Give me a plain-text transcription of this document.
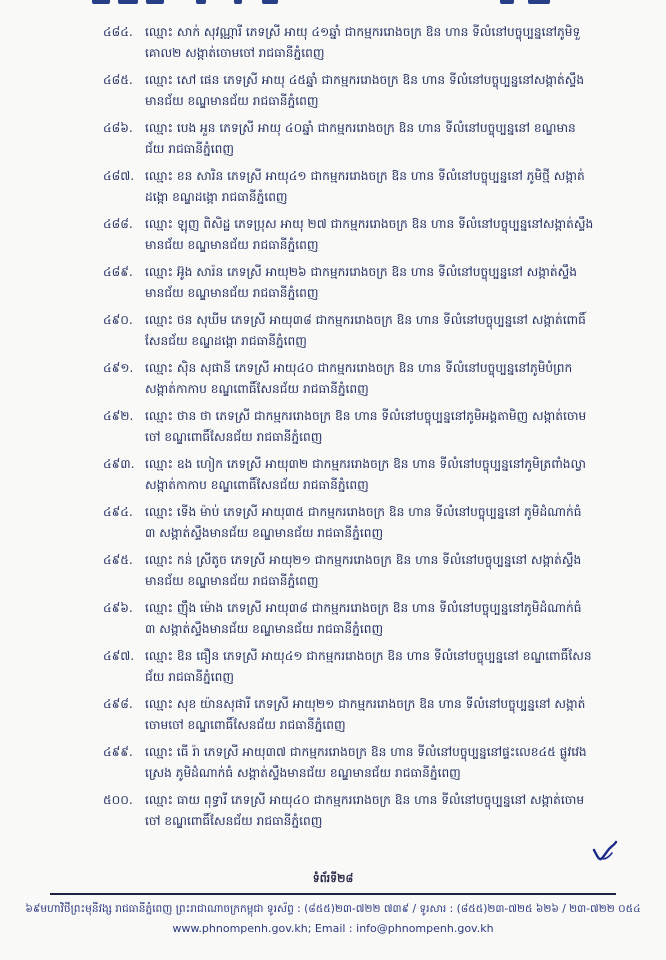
៤៨៤.	ឈ្មោះ សាក់ សុវណ្ណារី ភេទស្រី អាយុ ៤១ឆ្នាំ ជាកម្មកររោងចក្រ ឱន ហាន ទីលំនៅបច្ចុប្បន្ននៅភូមិទួ
គោល២ សង្កាត់ចោមចៅ រាជធានីភ្នំពេញ
៤៨៥.	ឈ្មោះ សៅ ផេន ភេទស្រី អាយុ ៤៥ឆ្នាំ ជាកម្មកររោងចក្រ ឱន ហាន ទីលំនៅបច្ចុប្បន្ននៅសង្កាត់ស្ទឹង
មានជ័យ ខណ្ឌមានជ័យ រាជធានីភ្នំពេញ
៤៨៦.	ឈ្មោះ បេង អួន ភេទស្រី អាយុ ៤០ឆ្នាំ ជាកម្មកររោងចក្រ ឱន ហាន ទីលំនៅបច្ចុប្បន្ននៅ ខណ្ឌមាន
ជ័យ រាជធានីភ្នំពេញ
៤៨៧. ឈ្មោះ ខន សារិន ភេទស្រី អាយុ៤១ ជាកម្មកររោងចក្រ ឱន ហាន ទីលំនៅបច្ចុប្បន្ននៅ ភូមិថ្មី សង្កាត់
ដង្កោ ខណ្ឌដង្កោ រាជធានីភ្នំពេញ
៤៨៨.	ឈ្មោះ ឡុញ ពិសិដ្ឋ ភេទប្រុស អាយុ ២៧ ជាកម្មកររោងចក្រ ឱន ហាន ទីលំនៅបច្ចុប្បន្ននៅសង្កាត់ស្ទឹង
មានជ័យ ខណ្ឌមានជ័យ រាជធានីភ្នំពេញ
៤៨៩.	ឈ្មោះ អ៊ូង សារ៉ន ភេទស្រី អាយុ២៦ ជាកម្មកររោងចក្រ ឱន ហាន ទីលំនៅបច្ចុប្បន្ននៅ សង្កាត់ស្ទឹង
មានជ័យ ខណ្ឌមានជ័យ រាជធានីភ្នំពេញ
៤៩០.	ឈ្មោះ ថន សុឃីម ភេទស្រី អាយុ៣៨ ជាកម្មកររោងចក្រ ឱន ហាន ទីលំនៅបច្ចុប្បន្ននៅ សង្កាត់ពោធិ៍
សែនជ័យ ខណ្ឌដង្កោ រាជធានីភ្នំពេញ
៤៩១. ឈ្មោះ ស៊ិន សុផានី ភេទស្រី អាយុ៤០ ជាកម្មកររោងចក្រ ឱន ហាន ទីលំនៅបច្ចុប្បន្ននៅភូមិបំព្រក
សង្កាត់កាកាប ខណ្ឌពោធិ៍សែនជ័យ រាជធានីភ្នំពេញ
៤៩២. ឈ្មោះ ថាន ថា ភេទស្រី ជាកម្មកររោងចក្រ ឱន ហាន ទីលំនៅបច្ចុប្បន្ននៅភូមិអង្គតាមិញ សង្កាត់ចោម
ចៅ ខណ្ឌពោធិ៍សែនជ័យ រាជធានីភ្នំពេញ
៤៩៣. ឈ្មោះ ឧង ហៀក ភេទស្រី អាយុ៣២ ជាកម្មកររោងចក្រ ឱន ហាន ទីលំនៅបច្ចុប្បន្ននៅភូមិត្រពាំងល្វា
សង្កាត់កាកាប ខណ្ឌពោធិ៍សែនជ័យ រាជធានីភ្នំពេញ
៤៩៤.	ឈ្មោះ ទើង ម៉ាប់ ភេទស្រី អាយុ៣៥ ជាកម្មកររោងចក្រ ឱន ហាន ទីលំនៅបច្ចុប្បន្ននៅ ភូមិដំណាក់ធំ
៣ សង្កាត់ស្ទឹងមានជ័យ ខណ្ឌមានជ័យ រាជធានីភ្នំពេញ
៤៩៥.	ឈ្មោះ កន់ ស្រីតូច ភេទស្រី អាយុ២១ ជាកម្មកររោងចក្រ ឱន ហាន ទីលំនៅបច្ចុប្បន្ននៅ សង្កាត់ស្ទឹង
មានជ័យ ខណ្ឌមានជ័យ រាជធានីភ្នំពេញ
៤៩៦.	ឈ្មោះ ញ៉ឹង ម៉ោង ភេទស្រី អាយុ៣៨ ជាកម្មកររោងចក្រ ឱន ហាន ទីលំនៅបច្ចុប្បន្ននៅភូមិដំណាក់ធំ
៣ សង្កាត់ស្ទឹងមានជ័យ ខណ្ឌមានជ័យ រាជធានីភ្នំពេញ
៤៩៧. ឈ្មោះ ឱន ធឿន ភេទស្រី អាយុ៤១ ជាកម្មកររោងចក្រ ឱន ហាន ទីលំនៅបច្ចុប្បន្ននៅ ខណ្ឌពោធិ៍សែន
ជ័យ រាជធានីភ្នំពេញ
៤៩៨.	ឈ្មោះ សុខ យ៉ានសុផារី ភេទស្រី អាយុ២១ ជាកម្មកររោងចក្រ ឱន ហាន ទីលំនៅបច្ចុប្បន្ននៅ សង្កាត់
ចោមចៅ ខណ្ឌពោធិ៍សែនជ័យ រាជធានីភ្នំពេញ
៤៩៩.	ឈ្មោះ ធើ រ៉ា ភេទស្រី អាយុ៣៧ ជាកម្មកររោងចក្រ ឱន ហាន ទីលំនៅបច្ចុប្បន្ននៅផ្ទះលេខ៤៥ ផ្លូវវេង
ស្រេង ភូមិដំណាក់ធំ សង្កាត់ស្ទឹងមានជ័យ ខណ្ឌមានជ័យ រាជធានីភ្នំពេញ
៥០០.	ឈ្មោះ ធាយ ពុទ្ធារី ភេទស្រី អាយុ៤០ ជាកម្មកររោងចក្រ ឱន ហាន ទីលំនៅបច្ចុប្បន្ននៅ សង្កាត់ចោម
ចៅ ខណ្ឌពោធិ៍សែនជ័យ រាជធានីភ្នំពេញ
ទំព័រទី២៨
៦៩មហាវិថីព្រះមុនីវង្ស រាជធានីភ្នំពេញ ព្រះរាជាណាចក្រកម្ពុជា ទូរស័ព្ទ : (៨៥៥)២៣-៧២២ ៧៣៩ / ទូរសារ : (៨៥៥)២៣-៧២៥ ៦២៦ / ២៣-៧២២ ០៥៤
www.phnompenh.gov.kh; Email : info@phnompenh.gov.kh
